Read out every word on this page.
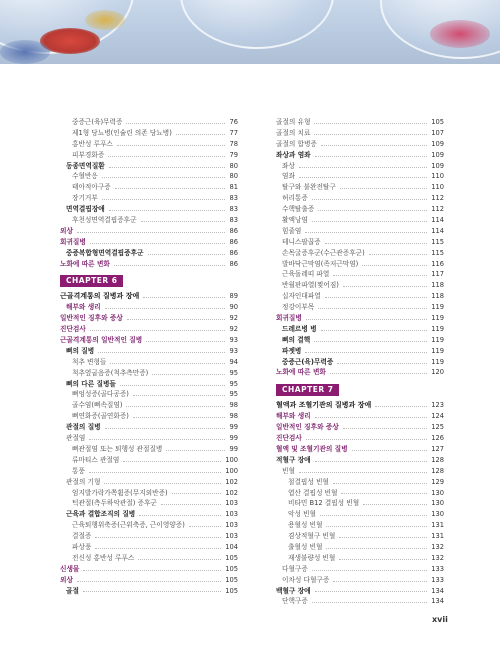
중증근(육)무력증	76
제1형 당뇨병(인슐린 의존 당뇨병)	77
홍반성 루푸스	78
피부경화증	79
동종면역질환	80
수혈반응	80
태아적아구증	81
장기거부	83
면역결핍장애	83
후천성면역결핍증후군	83
외상	86
회귀질병	86
중증복합형면역결핍증후군	86
노화에 따른 변화	86
CHAPTER 6
근골격계통의 질병과 장애	89
해부와 생리	90
일반적인 징후와 증상	92
진단검사	92
근골격계통의 일반적인 질병	93
뼈의 질병	93
척추 변형들	94
척추옆굽음증(척추측만증)	95
뼈의 다른 질병들	95
뼈엉성증(골다공증)	95
골수염(뼈속질염)	98
뼈연화증(골연화증)	98
관절의 질병	99
관절염	99
뼈관절염 또는 퇴행성 관절질병	99
류마티스 관절염	100
통풍	100
관절의 기형	102
엄지발가락가쪽휨증(무지외반증)	102
턱관절(측두하악관절) 증후군	103
근육과 결합조직의 질병	103
근육퇴행위축증(근위축증, 근이영양증)	103
결절증	103
파상풍	104
전신성 홍반성 루푸스	105
신생물	105
외상	105
골절	105
골절의 유형	105
골절의 치료	107
골절의 합병증	109
좌상과 염좌	109
좌상	109
염좌	110
탈구와 불완전탈구	110
허리통증	112
수핵탈출증	112
활액낭염	114
힘줄염	114
테니스팔꿉증	115
손목굴증후군(수근관증후군)	115
발바닥근막염(족저근막염)	116
근육돌레띠 파열	117
반월판파열(찢어짐)	118
십자인대파열	118
정강이부목	119
회귀질병	119
드레르병 병	119
뼈의 결핵	119
파젯병	119
중증근(육)무력증	119
노화에 따른 변화	120
CHAPTER 7
혈액과 조혈기관의 질병과 장애	123
해부와 생리	124
일반적인 징후와 증상	125
진단검사	126
혈액 및 조혈기관의 질병	127
적혈구 장애	128
빈혈	128
철결핍성 빈혈	129
엽산 결핍성 빈혈	130
비타민 B12 결핍성 빈혈	130
악성 빈혈	130
용혈성 빈혈	131
겸상적혈구 빈혈	131
출혈성 빈혈	132
재생불량성 빈혈	132
다혈구증	133
이차성 다혈구증	133
백혈구 장애	134
단핵구증	134
xvii
